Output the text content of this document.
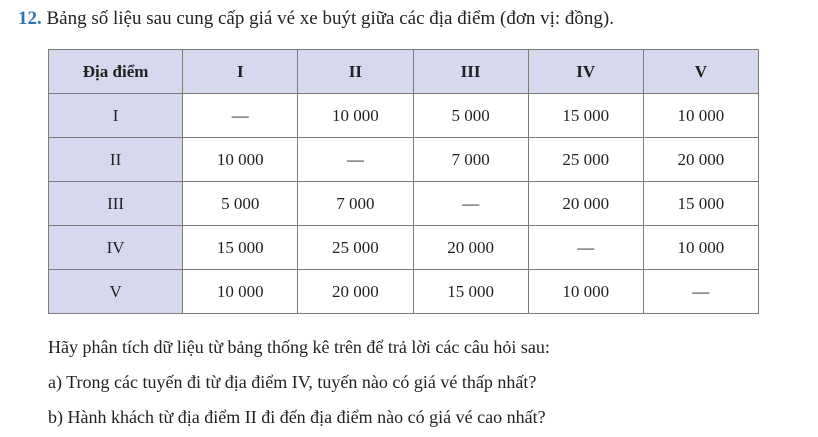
12. Bảng số liệu sau cung cấp giá vé xe buýt giữa các địa điểm (đơn vị: đồng).
Địa điểm	I	II	III	IV	V
I	—	10 000	5 000	15 000	10 000
II	10 000	—	7 000	25 000	20 000
III	5 000	7 000	—	20 000	15 000
IV	15 000	25 000	20 000	—	10 000
V	10 000	20 000	15 000	10 000	—

Hãy phân tích dữ liệu từ bảng thống kê trên để trả lời các câu hỏi sau:

a) Trong các tuyến đi từ địa điểm IV, tuyến nào có giá vé thấp nhất?

b) Hành khách từ địa điểm II đi đến địa điểm nào có giá vé cao nhất?
